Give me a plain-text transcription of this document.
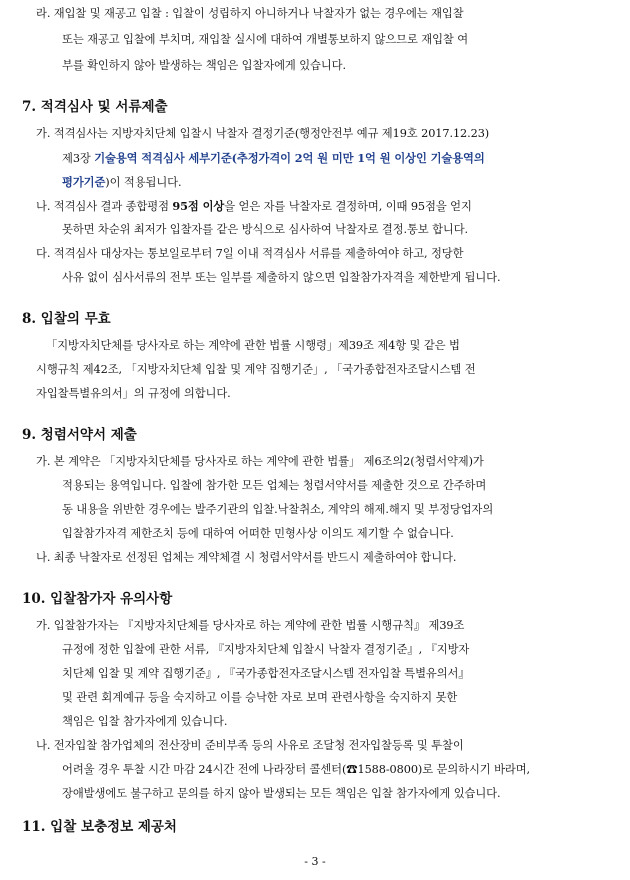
라. 재입찰 및 재공고 입찰 : 입찰이 성립하지 아니하거나 낙찰자가 없는 경우에는 재입찰
또는 재공고 입찰에 부치며, 재입찰 실시에 대하여 개별통보하지 않으므로 재입찰 여
부를 확인하지 않아 발생하는 책임은 입찰자에게 있습니다.
7. 적격심사 및 서류제출
가. 적격심사는 지방자치단체 입찰시 낙찰자 결정기준(행정안전부 예규 제19호 2017.12.23)
제3장 기술용역 적격심사 세부기준(추정가격이 2억 원 미만 1억 원 이상인 기술용역의
평가기준)이 적용됩니다.
나. 적격심사 결과 종합평점 95점 이상을 얻은 자를 낙찰자로 결정하며, 이때 95점을 얻지
못하면 차순위 최저가 입찰자를 같은 방식으로 심사하여 낙찰자로 결정.통보 합니다.
다. 적격심사 대상자는 통보일로부터 7일 이내 적격심사 서류를 제출하여야 하고, 정당한
사유 없이 심사서류의 전부 또는 일부를 제출하지 않으면 입찰참가자격을 제한받게 됩니다.
8. 입찰의 무효
「지방자치단체를 당사자로 하는 계약에 관한 법률 시행령」제39조 제4항 및 같은 법
시행규칙 제42조, 「지방자치단체 입찰 및 계약 집행기준」, 「국가종합전자조달시스템 전
자입찰특별유의서」의 규정에 의합니다.
9. 청렴서약서 제출
가. 본 계약은 「지방자치단체를 당사자로 하는 계약에 관한 법률」 제6조의2(청렴서약제)가
적용되는 용역입니다. 입찰에 참가한 모든 업체는 청렴서약서를 제출한 것으로 간주하며
동 내용을 위반한 경우에는 발주기관의 입찰.낙찰취소, 계약의 해제.해지 및 부정당업자의
입찰참가자격 제한조치 등에 대하여 어떠한 민형사상 이의도 제기할 수 없습니다.
나. 최종 낙찰자로 선정된 업체는 계약체결 시 청렴서약서를 반드시 제출하여야 합니다.
10. 입찰참가자 유의사항
가. 입찰참가자는 『지방자치단체를 당사자로 하는 계약에 관한 법률 시행규칙』 제39조
규정에 정한 입찰에 관한 서류, 『지방자치단체 입찰시 낙찰자 결정기준』, 『지방자
치단체 입찰 및 계약 집행기준』, 『국가종합전자조달시스템 전자입찰 특별유의서』
및 관련 회계예규 등을 숙지하고 이를 승낙한 자로 보며 관련사항을 숙지하지 못한
책임은 입찰 참가자에게 있습니다.
나. 전자입찰 참가업체의 전산장비 준비부족 등의 사유로 조달청 전자입찰등록 및 투찰이
어려울 경우 투찰 시간 마감 24시간 전에 나라장터 콜센터(☎1588-0800)로 문의하시기 바라며,
장애발생에도 불구하고 문의를 하지 않아 발생되는 모든 책임은 입찰 참가자에게 있습니다.
11. 입찰 보충정보 제공처
- 3 -
